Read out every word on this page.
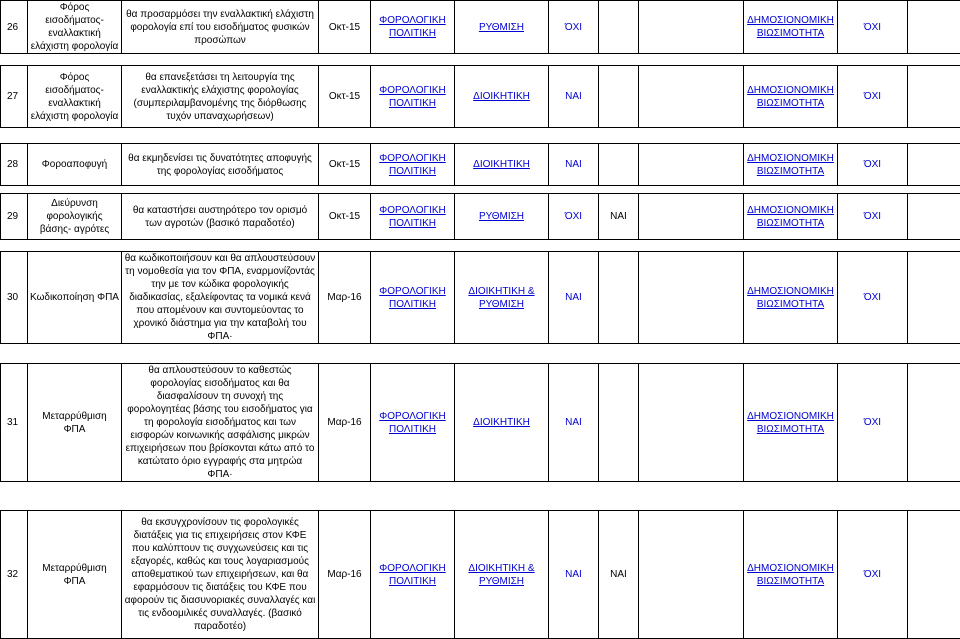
26	Φόρος εισοδήματος- εναλλακτική ελάχιστη φορολογία	θα προσαρμόσει την εναλλακτική ελάχιστη φορολογία επί του εισοδήματος φυσικών προσώπων	Οκτ-15	ΦΟΡΟΛΟΓΙΚΗ ΠΟΛΙΤΙΚΗ	ΡΥΘΜΙΣΗ	ΌΧΙ			ΔΗΜΟΣΙΟΝΟΜΙΚΗ ΒΙΩΣΙΜΟΤΗΤΑ	ΌΧΙ	

27	Φόρος εισοδήματος- εναλλακτική ελάχιστη φορολογία	θα επανεξετάσει τη λειτουργία της εναλλακτικής ελάχιστης φορολογίας (συμπεριλαμβανομένης της διόρθωσης τυχόν υπαναχωρήσεων)	Οκτ-15	ΦΟΡΟΛΟΓΙΚΗ ΠΟΛΙΤΙΚΗ	ΔΙΟΙΚΗΤΙΚΗ	ΝΑΙ			ΔΗΜΟΣΙΟΝΟΜΙΚΗ ΒΙΩΣΙΜΟΤΗΤΑ	ΌΧΙ	

28	Φοροαποφυγή	θα εκμηδενίσει τις δυνατότητες αποφυγής της φορολογίας εισοδήματος	Οκτ-15	ΦΟΡΟΛΟΓΙΚΗ ΠΟΛΙΤΙΚΗ	ΔΙΟΙΚΗΤΙΚΗ	ΝΑΙ			ΔΗΜΟΣΙΟΝΟΜΙΚΗ ΒΙΩΣΙΜΟΤΗΤΑ	ΌΧΙ	

29	Διεύρυνση φορολογικής βάσης- αγρότες	θα καταστήσει αυστηρότερο τον ορισμό των αγροτών (βασικό παραδοτέο)	Οκτ-15	ΦΟΡΟΛΟΓΙΚΗ ΠΟΛΙΤΙΚΗ	ΡΥΘΜΙΣΗ	ΌΧΙ	ΝΑΙ		ΔΗΜΟΣΙΟΝΟΜΙΚΗ ΒΙΩΣΙΜΟΤΗΤΑ	ΌΧΙ	

30	Κωδικοποίηση ΦΠΑ	θα κωδικοποιήσουν και θα απλουστεύσουν τη νομοθεσία για τον ΦΠΑ, εναρμονίζοντάς την με τον κώδικα φορολογικής διαδικασίας, εξαλείφοντας τα νομικά κενά που απομένουν και συντομεύοντας το χρονικό διάστημα για την καταβολή του ΦΠΑ·	Μαρ-16	ΦΟΡΟΛΟΓΙΚΗ ΠΟΛΙΤΙΚΗ	ΔΙΟΙΚΗΤΙΚΗ & ΡΥΘΜΙΣΗ	ΝΑΙ			ΔΗΜΟΣΙΟΝΟΜΙΚΗ ΒΙΩΣΙΜΟΤΗΤΑ	ΌΧΙ	

31	Μεταρρύθμιση ΦΠΑ	θα απλουστεύσουν το καθεστώς φορολογίας εισοδήματος και θα διασφαλίσουν τη συνοχή της φορολογητέας βάσης του εισοδήματος για τη φορολογία εισοδήματος και των εισφορών κοινωνικής ασφάλισης μικρών επιχειρήσεων που βρίσκονται κάτω από το κατώτατο όριο εγγραφής στα μητρώα ΦΠΑ·	Μαρ-16	ΦΟΡΟΛΟΓΙΚΗ ΠΟΛΙΤΙΚΗ	ΔΙΟΙΚΗΤΙΚΗ	ΝΑΙ			ΔΗΜΟΣΙΟΝΟΜΙΚΗ ΒΙΩΣΙΜΟΤΗΤΑ	ΌΧΙ	

32	Μεταρρύθμιση ΦΠΑ	θα εκσυγχρονίσουν τις φορολογικές διατάξεις για τις επιχειρήσεις στον ΚΦΕ που καλύπτουν τις συγχωνεύσεις και τις εξαγορές, καθώς και τους λογαριασμούς αποθεματικού των επιχειρήσεων, και θα εφαρμόσουν τις διατάξεις του ΚΦΕ που αφορούν τις διασυνοριακές συναλλαγές και τις ενδοομιλικές συναλλαγές. (βασικό παραδοτέο)	Μαρ-16	ΦΟΡΟΛΟΓΙΚΗ ΠΟΛΙΤΙΚΗ	ΔΙΟΙΚΗΤΙΚΗ & ΡΥΘΜΙΣΗ	ΝΑΙ	ΝΑΙ		ΔΗΜΟΣΙΟΝΟΜΙΚΗ ΒΙΩΣΙΜΟΤΗΤΑ	ΌΧΙ	
